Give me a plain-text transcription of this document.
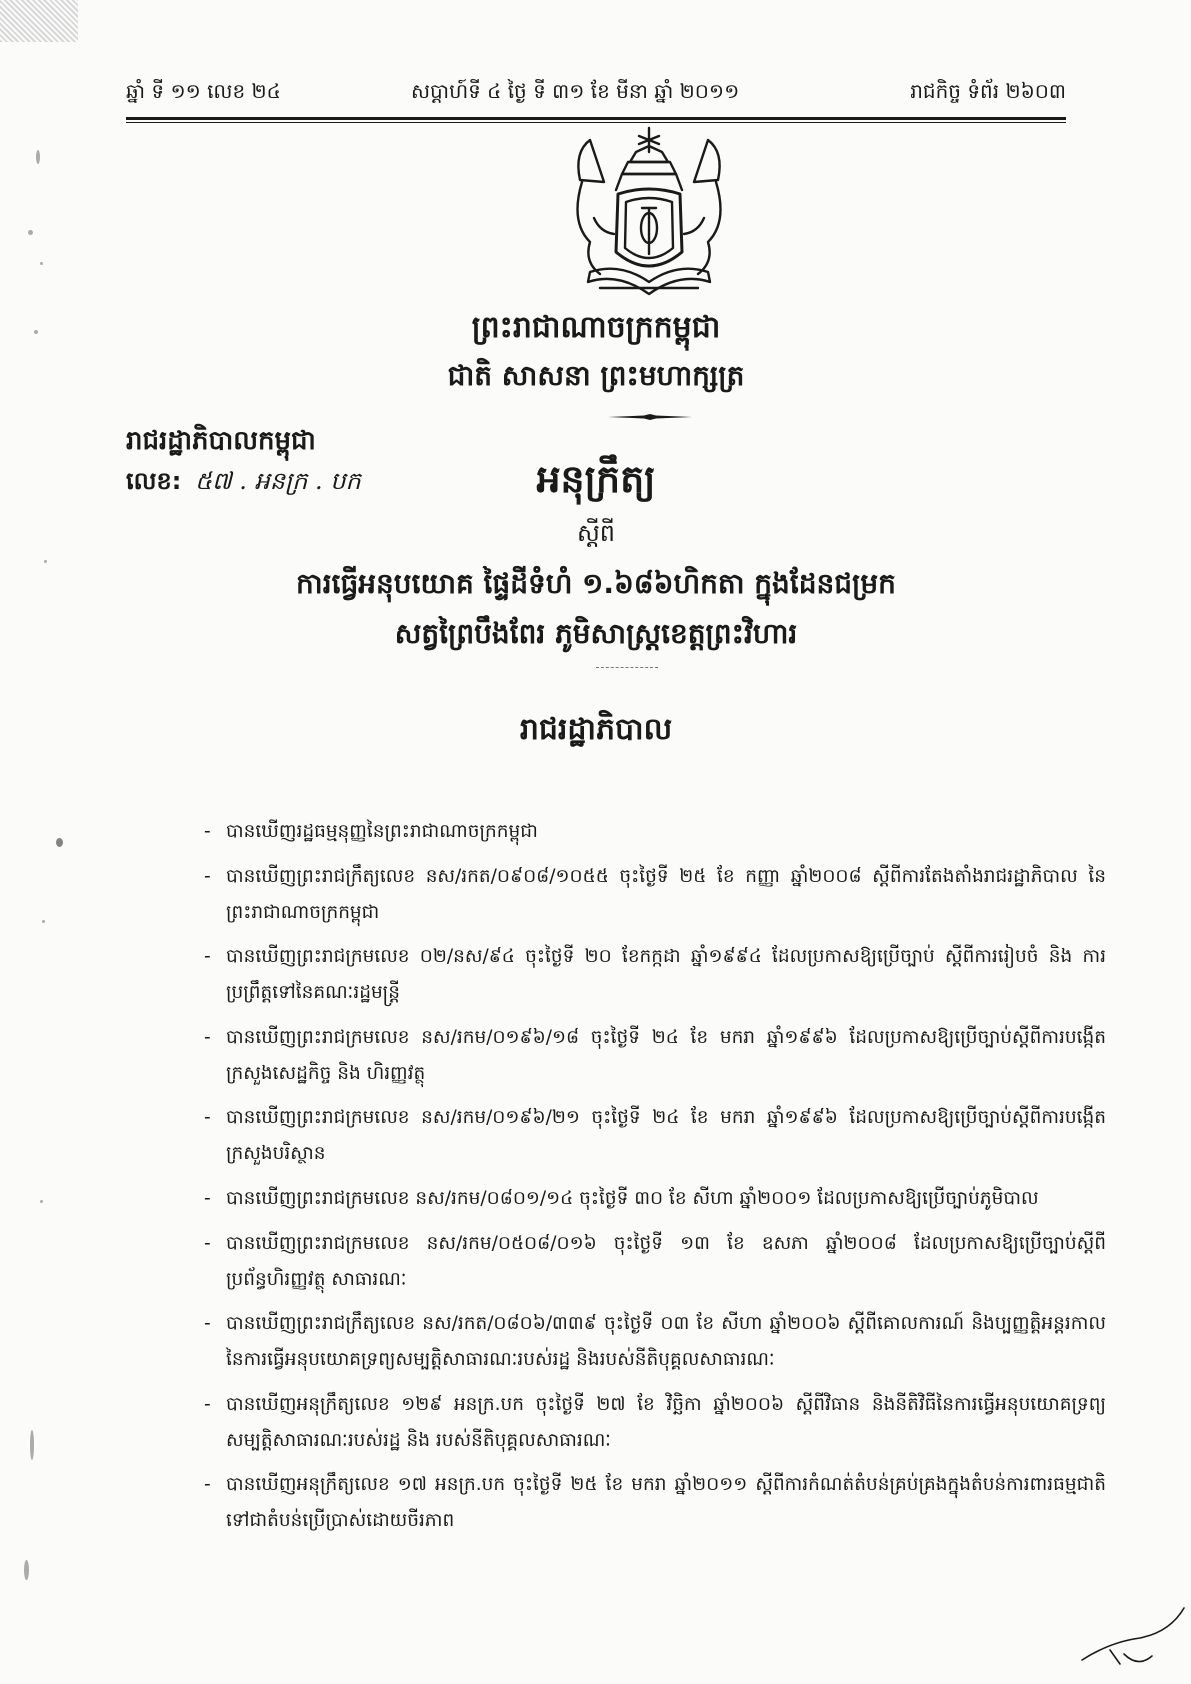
ឆ្នាំ ទី ១១ លេខ ២៤	សប្តាហ៍ទី ៤ ថ្ងៃ ទី ៣១ ខែ មីនា ឆ្នាំ ២០១១	រាជកិច្ច ទំព័រ ២៦០៣
ព្រះរាជាណាចក្រកម្ពុជា
ជាតិ សាសនា ព្រះមហាក្សត្រ
រាជរដ្ឋាភិបាលកម្ពុជា
លេខ: ៥៧ . អនក្រ . បក	អនុក្រឹត្យ
ស្តីពី
ការធ្វើអនុបយោគ ផ្ទៃដីទំហំ ១.៦៨៦ហិកតា ក្នុងដែនជម្រក
សត្វព្រៃបឹងពែរ ភូមិសាស្ត្រខេត្តព្រះវិហារ
រាជរដ្ឋាភិបាល
- បានឃើញរដ្ឋធម្មនុញ្ញនៃព្រះរាជាណាចក្រកម្ពុជា
- បានឃើញព្រះរាជក្រឹត្យលេខ នស/រកត/០៩០៨/១០៥៥ ចុះថ្ងៃទី ២៥ ខែ កញ្ញា ឆ្នាំ២០០៨ ស្តីពីការតែងតាំងរាជរដ្ឋាភិបាល នៃព្រះរាជាណាចក្រកម្ពុជា
- បានឃើញព្រះរាជក្រមលេខ ០២/នស/៩៤ ចុះថ្ងៃទី ២០ ខែកក្កដា ឆ្នាំ១៩៩៤ ដែលប្រកាសឱ្យប្រើច្បាប់ ស្តីពីការរៀបចំ និង ការប្រព្រឹត្តទៅនៃគណៈរដ្ឋមន្ត្រី
- បានឃើញព្រះរាជក្រមលេខ នស/រកម/០១៩៦/១៨ ចុះថ្ងៃទី ២៤ ខែ មករា ឆ្នាំ១៩៩៦ ដែលប្រកាសឱ្យប្រើច្បាប់ស្តីពីការបង្កើតក្រសួងសេដ្ឋកិច្ច និង ហិរញ្ញវត្ថុ
- បានឃើញព្រះរាជក្រមលេខ នស/រកម/០១៩៦/២១ ចុះថ្ងៃទី ២៤ ខែ មករា ឆ្នាំ១៩៩៦ ដែលប្រកាសឱ្យប្រើច្បាប់ស្តីពីការបង្កើតក្រសួងបរិស្ថាន
- បានឃើញព្រះរាជក្រមលេខ នស/រកម/០៨០១/១៤ ចុះថ្ងៃទី ៣០ ខែ សីហា ឆ្នាំ២០០១ ដែលប្រកាសឱ្យប្រើច្បាប់ភូមិបាល
- បានឃើញព្រះរាជក្រមលេខ នស/រកម/០៥០៨/០១៦ ចុះថ្ងៃទី ១៣ ខែ ឧសភា ឆ្នាំ២០០៨ ដែលប្រកាសឱ្យប្រើច្បាប់ស្តីពីប្រព័ន្ធហិរញ្ញវត្ថុ សាធារណៈ
- បានឃើញព្រះរាជក្រឹត្យលេខ នស/រកត/០៨០៦/៣៣៩ ចុះថ្ងៃទី ០៣ ខែ សីហា ឆ្នាំ២០០៦ ស្តីពីគោលការណ៍ និងប្បញ្ញត្តិអន្តរកាល នៃការធ្វើអនុបយោគទ្រព្យសម្បត្តិសាធារណៈរបស់រដ្ឋ និងរបស់នីតិបុគ្គលសាធារណៈ
- បានឃើញអនុក្រឹត្យលេខ ១២៩ អនក្រ.បក ចុះថ្ងៃទី ២៧ ខែ វិច្ឆិកា ឆ្នាំ២០០៦ ស្តីពីវិធាន និងនីតិវិធីនៃការធ្វើអនុបយោគទ្រព្យសម្បត្តិសាធារណៈរបស់រដ្ឋ និង របស់នីតិបុគ្គលសាធារណៈ
- បានឃើញអនុក្រឹត្យលេខ ១៧ អនក្រ.បក ចុះថ្ងៃទី ២៥ ខែ មករា ឆ្នាំ២០១១ ស្តីពីការកំណត់តំបន់គ្រប់គ្រងក្នុងតំបន់ការពារធម្មជាតិ ទៅជាតំបន់ប្រើប្រាស់ដោយចីរភាព
